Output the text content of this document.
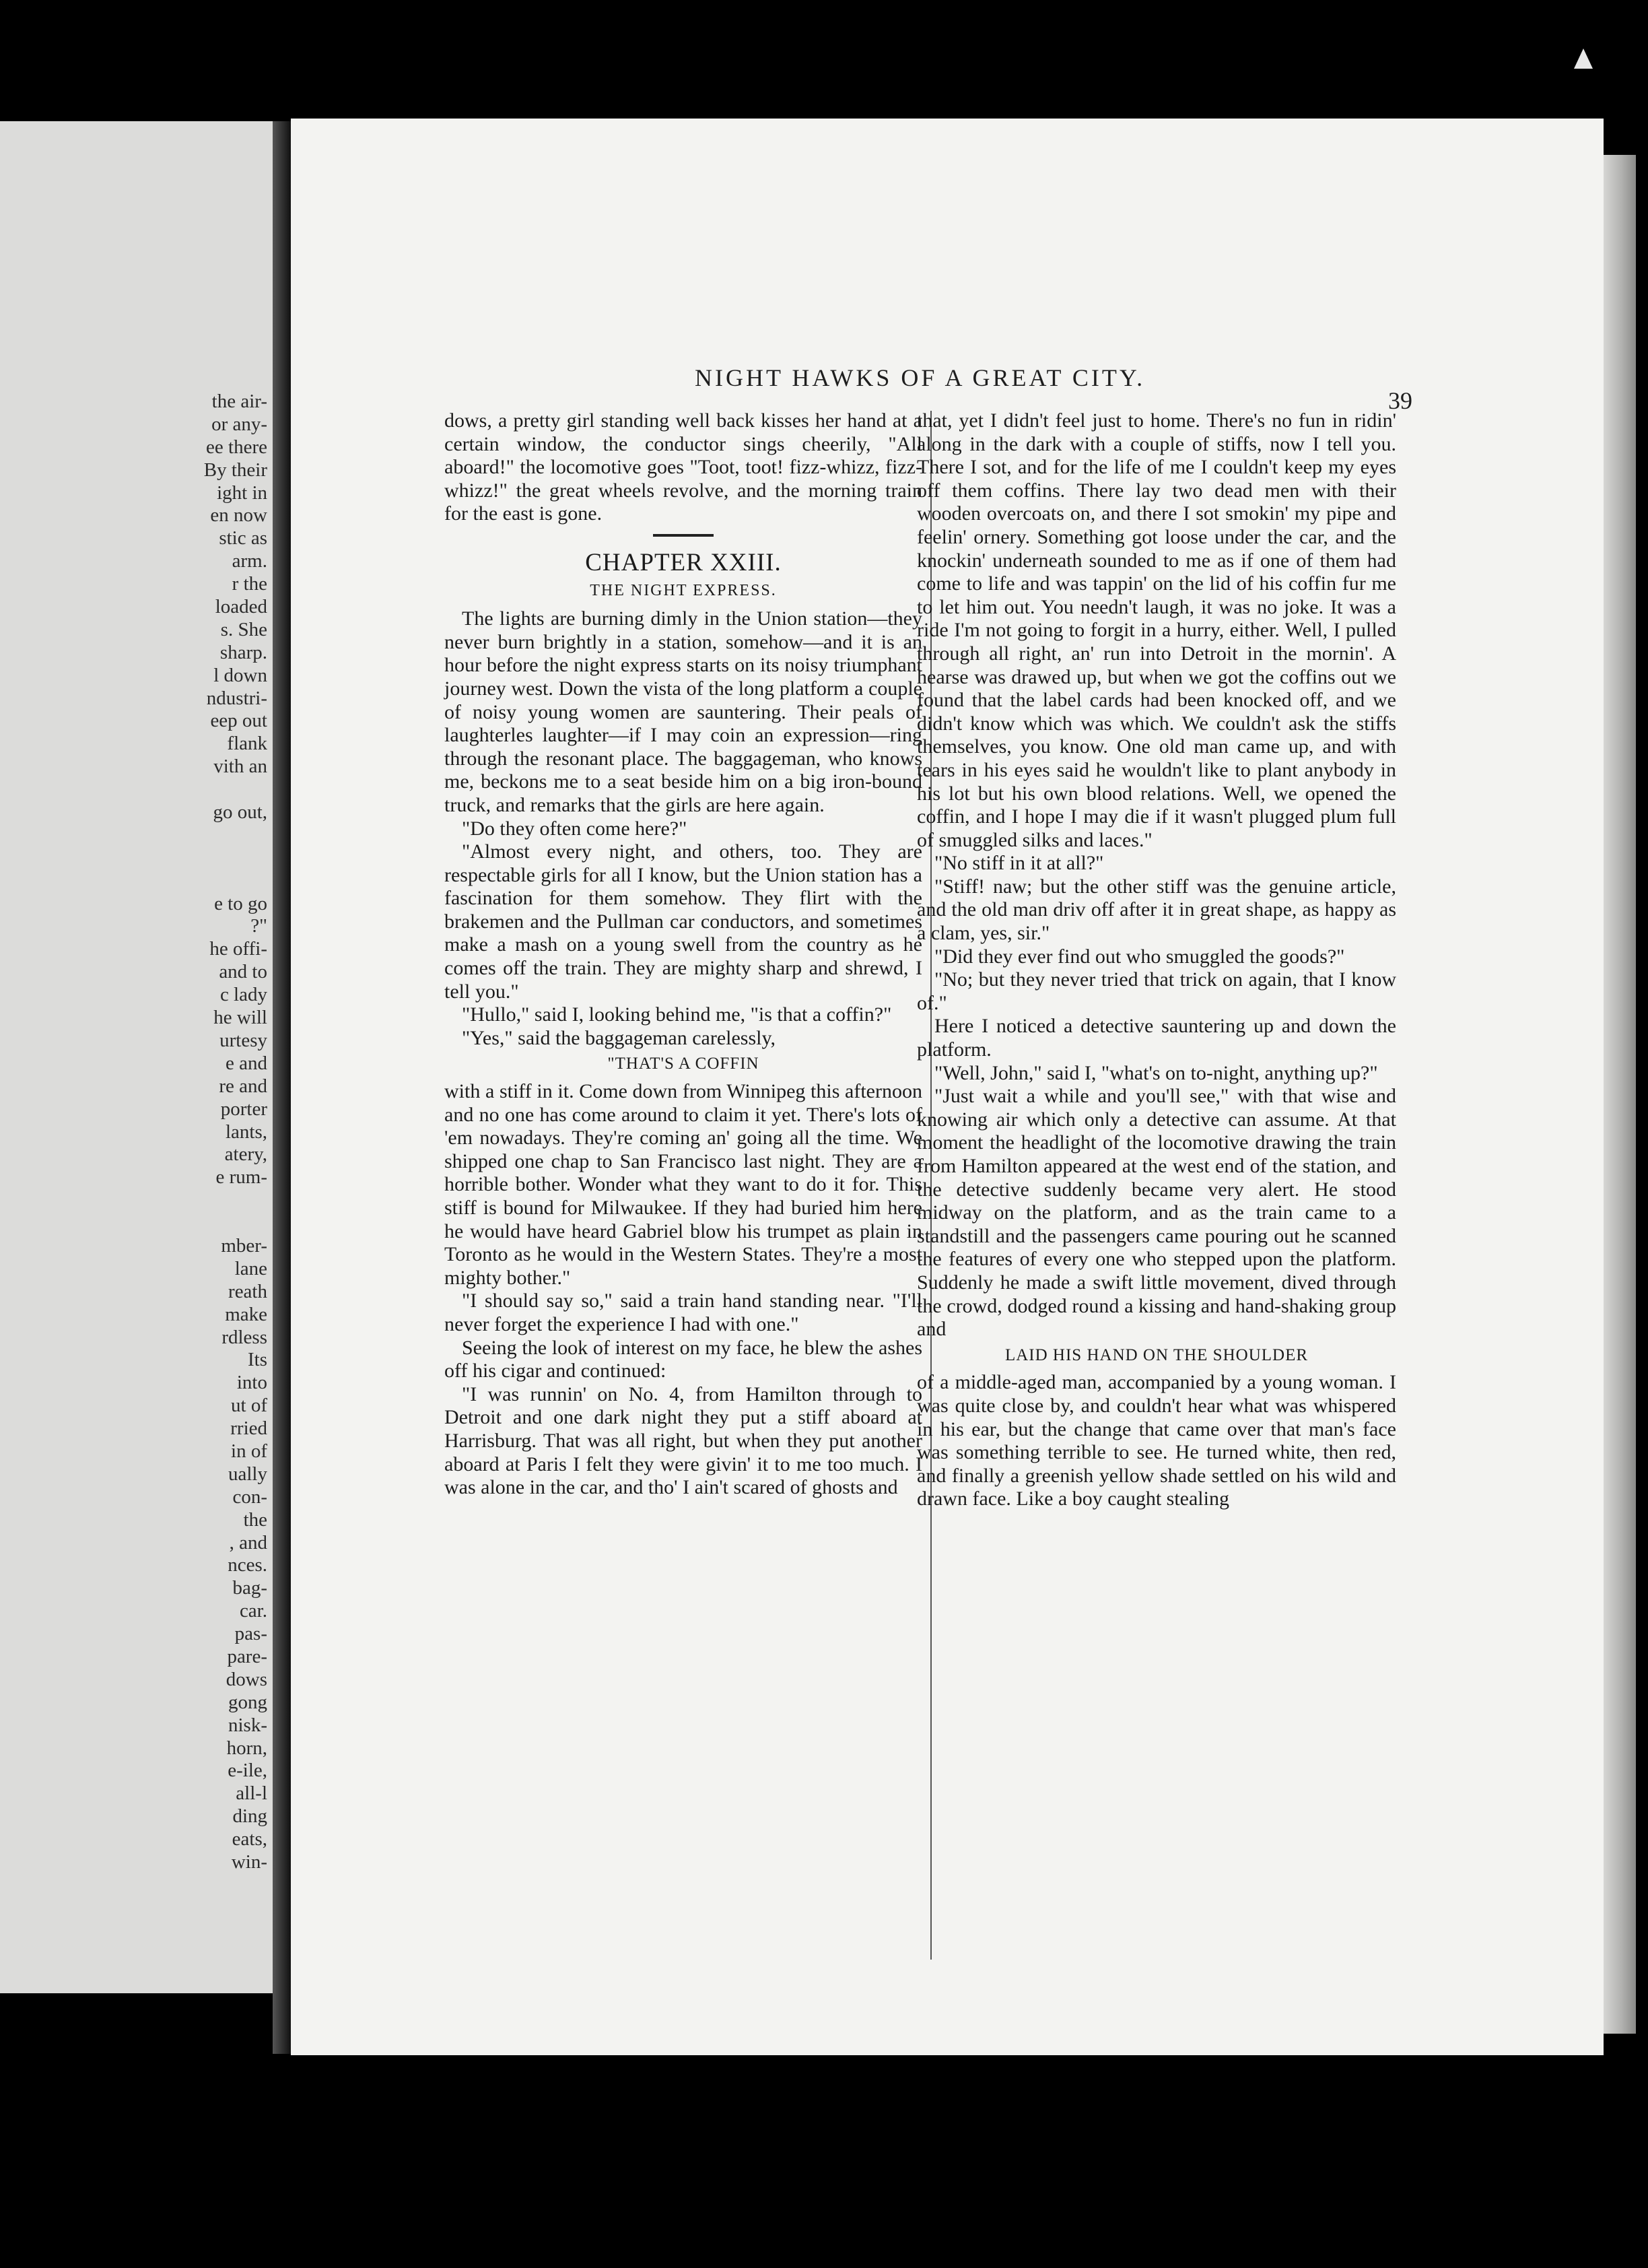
the air-
or any-
ee there
By their
ight in
en now
stic as
arm.
r the
loaded
s. She
sharp.
l down
ndustri-
eep out
flank
vith an
go out,
e to go
?"
he offi-
and to
c lady
he will
urtesy
e and
re and
porter
lants,
atery,
e rum-
mber-
lane
reath
make
rdless
Its
into
ut of
rried
in of
ually
con-
the
, and
nces.
bag-
car.
pas-
pare-
dows
gong
nisk-
horn,
e-ile,
all-l
ding
eats,
win-
NIGHT HAWKS OF A GREAT CITY.
39

dows, a pretty girl standing well back kisses her hand at a certain window, the conductor sings cheerily, "All aboard!" the locomotive goes "Toot, toot! fizz-whizz, fizz-whizz!" the great wheels revolve, and the morning train for the east is gone.

CHAPTER XXIII.
THE NIGHT EXPRESS.

The lights are burning dimly in the Union station—they never burn brightly in a station, somehow—and it is an hour before the night express starts on its noisy triumphant journey west. Down the vista of the long platform a couple of noisy young women are sauntering. Their peals of laughterles laughter—if I may coin an expression—ring through the resonant place. The baggageman, who knows me, beckons me to a seat beside him on a big iron-bound truck, and remarks that the girls are here again.

"Do they often come here?"

"Almost every night, and others, too. They are respectable girls for all I know, but the Union station has a fascination for them somehow. They flirt with the brakemen and the Pullman car conductors, and sometimes make a mash on a young swell from the country as he comes off the train. They are mighty sharp and shrewd, I tell you."

"Hullo," said I, looking behind me, "is that a coffin?"

"Yes," said the baggageman carelessly,

"THAT'S A COFFIN

with a stiff in it. Come down from Winnipeg this afternoon and no one has come around to claim it yet. There's lots of 'em nowadays. They're coming an' going all the time. We shipped one chap to San Francisco last night. They are a horrible bother. Wonder what they want to do it for. This stiff is bound for Milwaukee. If they had buried him here he would have heard Gabriel blow his trumpet as plain in Toronto as he would in the Western States. They're a most mighty bother."

"I should say so," said a train hand standing near. "I'll never forget the experience I had with one."

Seeing the look of interest on my face, he blew the ashes off his cigar and continued:

"I was runnin' on No. 4, from Hamilton through to Detroit and one dark night they put a stiff aboard at Harrisburg. That was all right, but when they put another aboard at Paris I felt they were givin' it to me too much. I was alone in the car, and tho' I ain't scared of ghosts and

that, yet I didn't feel just to home. There's no fun in ridin' along in the dark with a couple of stiffs, now I tell you. There I sot, and for the life of me I couldn't keep my eyes off them coffins. There lay two dead men with their wooden overcoats on, and there I sot smokin' my pipe and feelin' ornery. Something got loose under the car, and the knockin' underneath sounded to me as if one of them had come to life and was tappin' on the lid of his coffin fur me to let him out. You needn't laugh, it was no joke. It was a ride I'm not going to forgit in a hurry, either. Well, I pulled through all right, an' run into Detroit in the mornin'. A hearse was drawed up, but when we got the coffins out we found that the label cards had been knocked off, and we didn't know which was which. We couldn't ask the stiffs themselves, you know. One old man came up, and with tears in his eyes said he wouldn't like to plant anybody in his lot but his own blood relations. Well, we opened the coffin, and I hope I may die if it wasn't plugged plum full of smuggled silks and laces."

"No stiff in it at all?"

"Stiff! naw; but the other stiff was the genuine article, and the old man driv off after it in great shape, as happy as a clam, yes, sir."

"Did they ever find out who smuggled the goods?"

"No; but they never tried that trick on again, that I know of."

Here I noticed a detective sauntering up and down the platform.

"Well, John," said I, "what's on to-night, anything up?"

"Just wait a while and you'll see," with that wise and knowing air which only a detective can assume. At that moment the headlight of the locomotive drawing the train from Hamilton appeared at the west end of the station, and the detective suddenly became very alert. He stood midway on the platform, and as the train came to a standstill and the passengers came pouring out he scanned the features of every one who stepped upon the platform. Suddenly he made a swift little movement, dived through the crowd, dodged round a kissing and hand-shaking group and

LAID HIS HAND ON THE SHOULDER

of a middle-aged man, accompanied by a young woman. I was quite close by, and couldn't hear what was whispered in his ear, but the change that came over that man's face was something terrible to see. He turned white, then red, and finally a greenish yellow shade settled on his wild and drawn face. Like a boy caught stealing
